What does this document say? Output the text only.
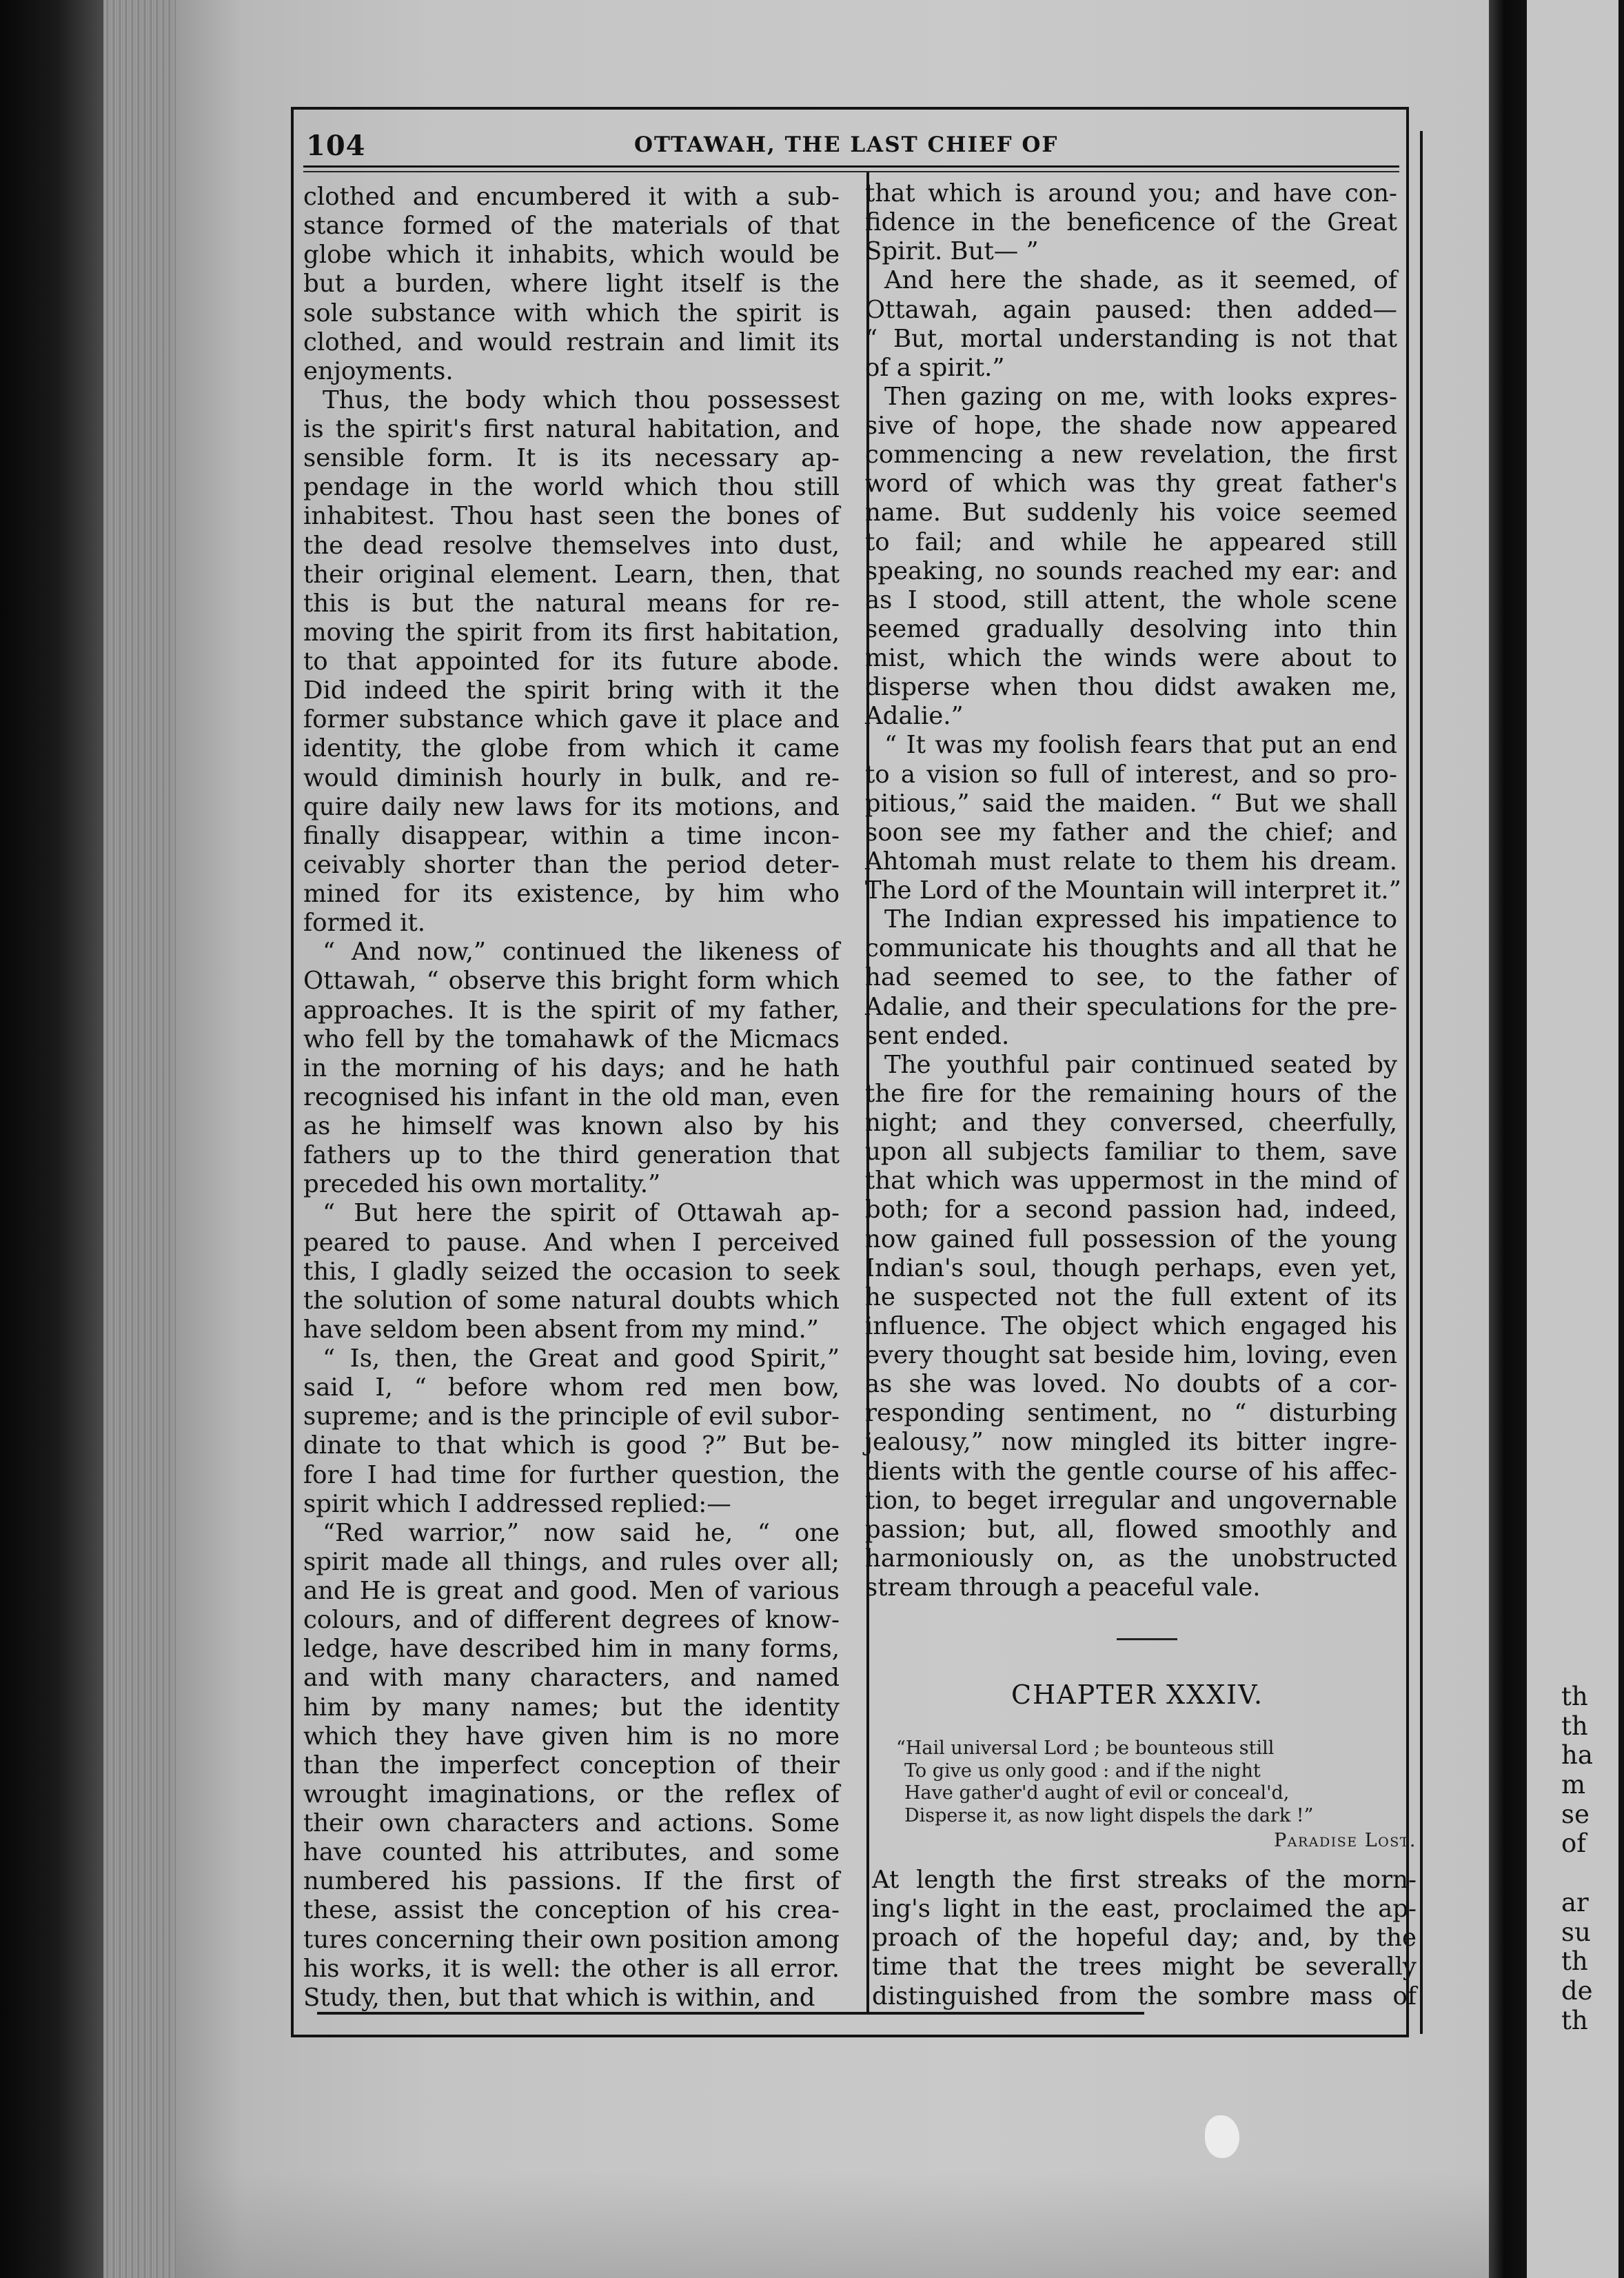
th
th
ha
m
se
of
ar
su
th
de
th
104	OTTAWAH, THE LAST CHIEF OF
clothed and encumbered it with a sub-
stance formed of the materials of that
globe which it inhabits, which would be
but a burden, where light itself is the
sole substance with which the spirit is
clothed, and would restrain and limit its
enjoyments.
Thus, the body which thou possessest
is the spirit's first natural habitation, and
sensible form. It is its necessary ap-
pendage in the world which thou still
inhabitest. Thou hast seen the bones of
the dead resolve themselves into dust,
their original element. Learn, then, that
this is but the natural means for re-
moving the spirit from its first habitation,
to that appointed for its future abode.
Did indeed the spirit bring with it the
former substance which gave it place and
identity, the globe from which it came
would diminish hourly in bulk, and re-
quire daily new laws for its motions, and
finally disappear, within a time incon-
ceivably shorter than the period deter-
mined for its existence, by him who
formed it.
“ And now,” continued the likeness of
Ottawah, “ observe this bright form which
approaches. It is the spirit of my father,
who fell by the tomahawk of the Micmacs
in the morning of his days; and he hath
recognised his infant in the old man, even
as he himself was known also by his
fathers up to the third generation that
preceded his own mortality.”
“ But here the spirit of Ottawah ap-
peared to pause. And when I perceived
this, I gladly seized the occasion to seek
the solution of some natural doubts which
have seldom been absent from my mind.”
“ Is, then, the Great and good Spirit,”
said I, “ before whom red men bow,
supreme; and is the principle of evil subor-
dinate to that which is good ?” But be-
fore I had time for further question, the
spirit which I addressed replied:—
“Red warrior,” now said he, “ one
spirit made all things, and rules over all;
and He is great and good. Men of various
colours, and of different degrees of know-
ledge, have described him in many forms,
and with many characters, and named
him by many names; but the identity
which they have given him is no more
than the imperfect conception of their
wrought imaginations, or the reflex of
their own characters and actions. Some
have counted his attributes, and some
numbered his passions. If the first of
these, assist the conception of his crea-
tures concerning their own position among
his works, it is well: the other is all error.
Study, then, but that which is within, and
that which is around you; and have con-
fidence in the beneficence of the Great
Spirit. But— ”
And here the shade, as it seemed, of
Ottawah, again paused: then added—
“ But, mortal understanding is not that
of a spirit.”
Then gazing on me, with looks expres-
sive of hope, the shade now appeared
commencing a new revelation, the first
word of which was thy great father's
name. But suddenly his voice seemed
to fail; and while he appeared still
speaking, no sounds reached my ear: and
as I stood, still attent, the whole scene
seemed gradually desolving into thin
mist, which the winds were about to
disperse when thou didst awaken me,
Adalie.”
“ It was my foolish fears that put an end
to a vision so full of interest, and so pro-
pitious,” said the maiden. “ But we shall
soon see my father and the chief; and
Ahtomah must relate to them his dream.
The Lord of the Mountain will interpret it.”
The Indian expressed his impatience to
communicate his thoughts and all that he
had seemed to see, to the father of
Adalie, and their speculations for the pre-
sent ended.
The youthful pair continued seated by
the fire for the remaining hours of the
night; and they conversed, cheerfully,
upon all subjects familiar to them, save
that which was uppermost in the mind of
both; for a second passion had, indeed,
now gained full possession of the young
Indian's soul, though perhaps, even yet,
he suspected not the full extent of its
influence. The object which engaged his
every thought sat beside him, loving, even
as she was loved. No doubts of a cor-
responding sentiment, no “ disturbing
jealousy,” now mingled its bitter ingre-
dients with the gentle course of his affec-
tion, to beget irregular and ungovernable
passion; but, all, flowed smoothly and
harmoniously on, as the unobstructed
stream through a peaceful vale.
CHAPTER XXXIV.
“Hail universal Lord ; be bounteous still
To give us only good : and if the night
Have gather'd aught of evil or conceal'd,
Disperse it, as now light dispels the dark !”
Paradise Lost.
At length the first streaks of the morn-
ing's light in the east, proclaimed the ap-
proach of the hopeful day; and, by the
time that the trees might be severally
distinguished from the sombre mass of
